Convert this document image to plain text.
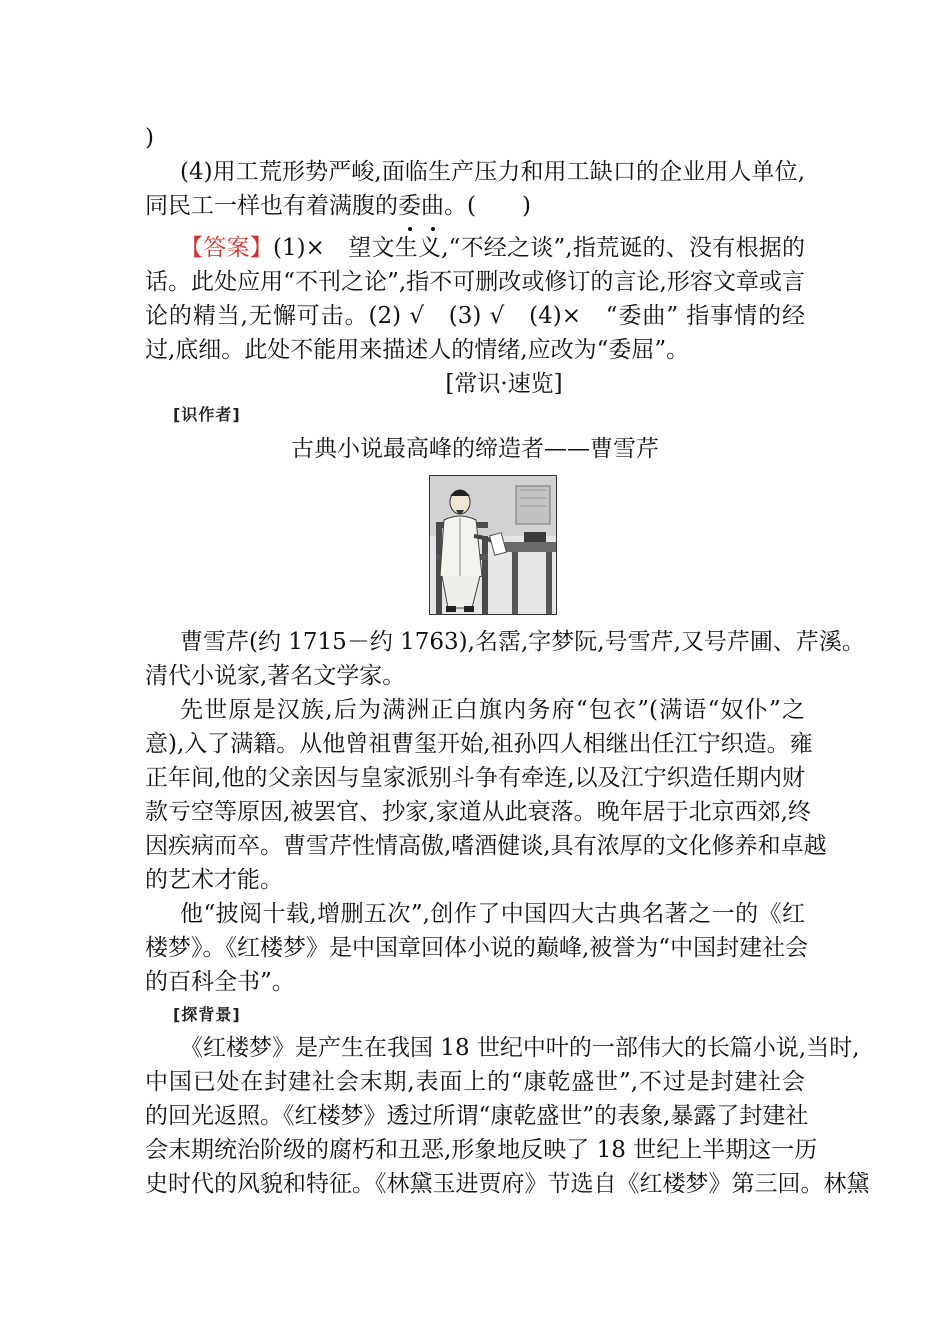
)
(4)用工荒形势严峻,面临生产压力和用工缺口的企业用人单位,
同民工一样也有着满腹的委曲。(　　)
【答案】(1)×　望文生义,“不经之谈”,指荒诞的、没有根据的
话。此处应用“不刊之论”,指不可删改或修订的言论,形容文章或言
论的精当,无懈可击。(2) √　(3) √　(4)×　“委曲” 指事情的经
过,底细。此处不能用来描述人的情绪,应改为“委屈”。
[常识·速览]
[识作者]
古典小说最高峰的缔造者——曹雪芹
曹雪芹(约 1715－约 1763),名霑,字梦阮,号雪芹,又号芹圃、芹溪。
清代小说家,著名文学家。
先世原是汉族,后为满洲正白旗内务府“包衣”(满语“奴仆”之
意),入了满籍。从他曾祖曹玺开始,祖孙四人相继出任江宁织造。雍
正年间,他的父亲因与皇家派别斗争有牵连,以及江宁织造任期内财
款亏空等原因,被罢官、抄家,家道从此衰落。晚年居于北京西郊,终
因疾病而卒。曹雪芹性情高傲,嗜酒健谈,具有浓厚的文化修养和卓越
的艺术才能。
他“披阅十载,增删五次”,创作了中国四大古典名著之一的《红
楼梦》。《红楼梦》是中国章回体小说的巅峰,被誉为“中国封建社会
的百科全书”。
[探背景]
《红楼梦》是产生在我国 18 世纪中叶的一部伟大的长篇小说,当时,
中国已处在封建社会末期,表面上的“康乾盛世”,不过是封建社会
的回光返照。《红楼梦》透过所谓“康乾盛世”的表象,暴露了封建社
会末期统治阶级的腐朽和丑恶,形象地反映了 18 世纪上半期这一历
史时代的风貌和特征。《林黛玉进贾府》节选自《红楼梦》第三回。林黛
